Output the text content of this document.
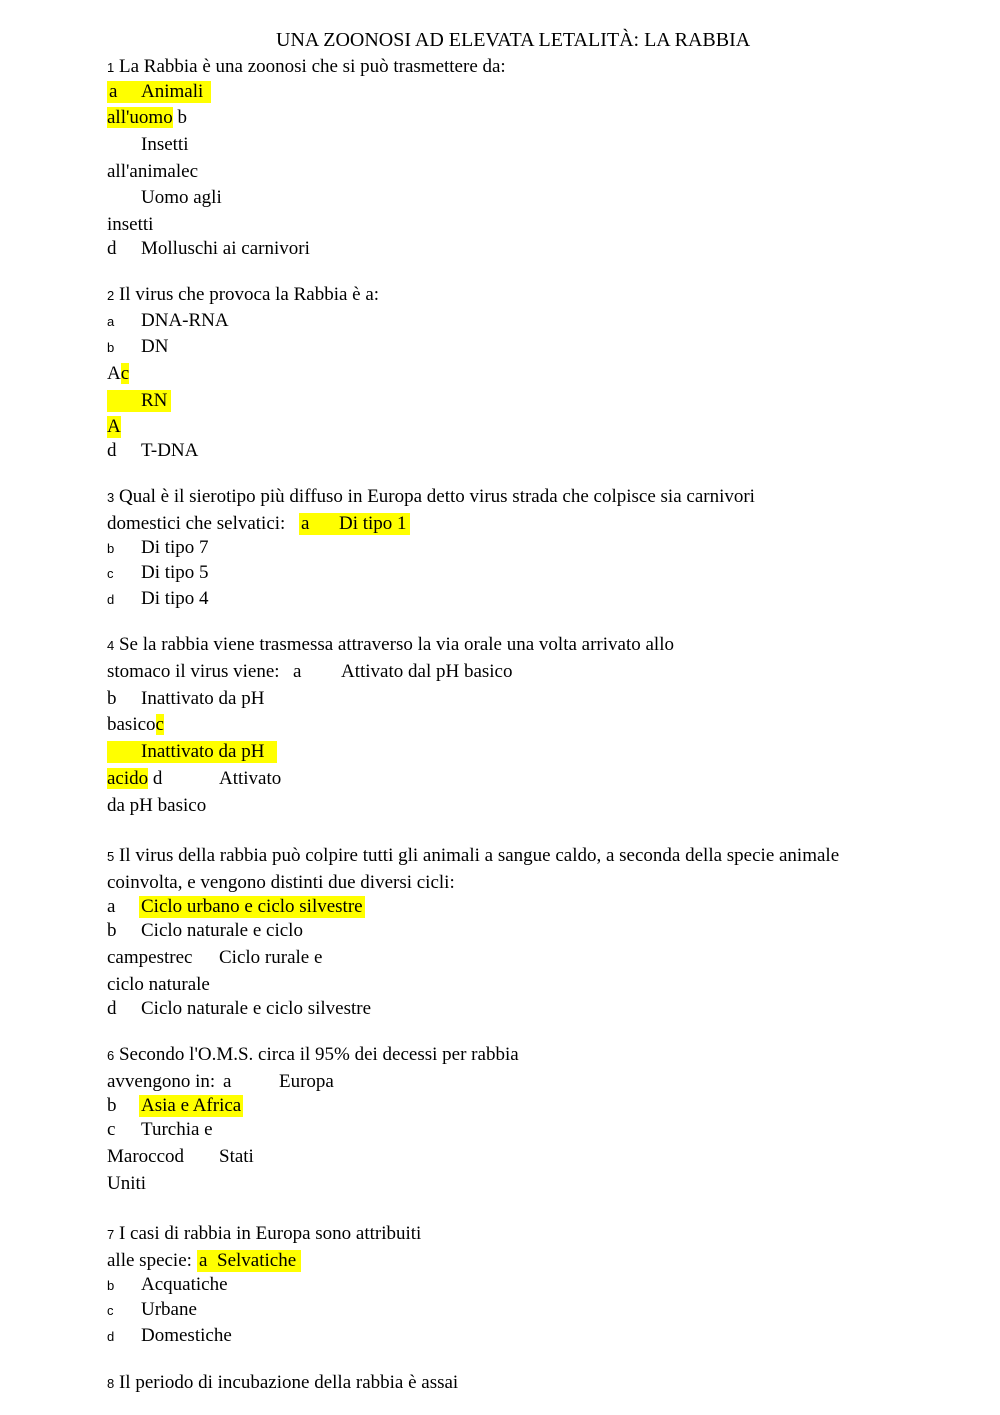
UNA ZOONOSI AD ELEVATA LETALITÀ: LA RABBIA
1 La Rabbia è una zoonosi che si può trasmettere da:
a Animali
all'uomo b
Insetti
all'animalec
Uomo agli
insetti
d Molluschi ai carnivori
2 Il virus che provoca la Rabbia è a:
a DNA-RNA
b DN
Ac
RN

A
d T-DNA
3 Qual è il sierotipo più diffuso in Europa detto virus strada che colpisce sia carnivori
domestici che selvatici: a Di tipo 1
b Di tipo 7
c Di tipo 5
d Di tipo 4
4 Se la rabbia viene trasmessa attraverso la via orale una volta arrivato allo
stomaco il virus viene: a Attivato dal pH basico
b Inattivato da pH
basicoc
Inattivato da pH

acido d	Attivato
da pH basico
5 Il virus della rabbia può colpire tutti gli animali a sangue caldo, a seconda della specie animale
coinvolta, e vengono distinti due diversi cicli:
a Ciclo urbano e ciclo silvestre
b Ciclo naturale e ciclo
campestrec Ciclo rurale e
ciclo naturale
d Ciclo naturale e ciclo silvestre
6 Secondo l'O.M.S. circa il 95% dei decessi per rabbia
avvengono in: a	Europa
b Asia e Africa
c Turchia e
Maroccod Stati
Uniti
7 I casi di rabbia in Europa sono attribuiti
alle specie: a Selvatiche
b Acquatiche
c Urbane
d Domestiche
8 Il periodo di incubazione della rabbia è assai
